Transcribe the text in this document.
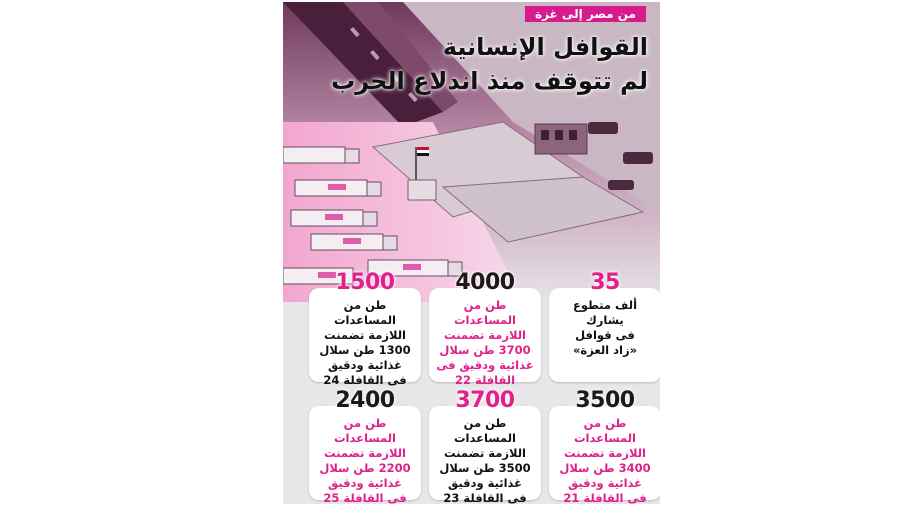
من مصر إلى غزة
القوافل الإنسانية
لم تتوقف منذ اندلاع الحرب
1500
طن من
المساعدات
اللازمة تضمنت
1300 طن سلال
غذائية ودقيق
فى القافلة 24
4000
طن من المساعدات
اللازمة تضمنت
3700 طن سلال
غذائية ودقيق فى
القافلة 22
35
ألف متطوع
يشارك
فى قوافل
«زاد العزة»
2400
طن من
المساعدات
اللازمة تضمنت
2200 طن سلال
غذائية ودقيق
فى القافلة 25
3700
طن من
المساعدات
اللازمة تضمنت
3500 طن سلال
غذائية ودقيق
فى القافلة 23
3500
طن من
المساعدات
اللازمة تضمنت
3400 طن سلال
غذائية ودقيق
فى القافلة 21
